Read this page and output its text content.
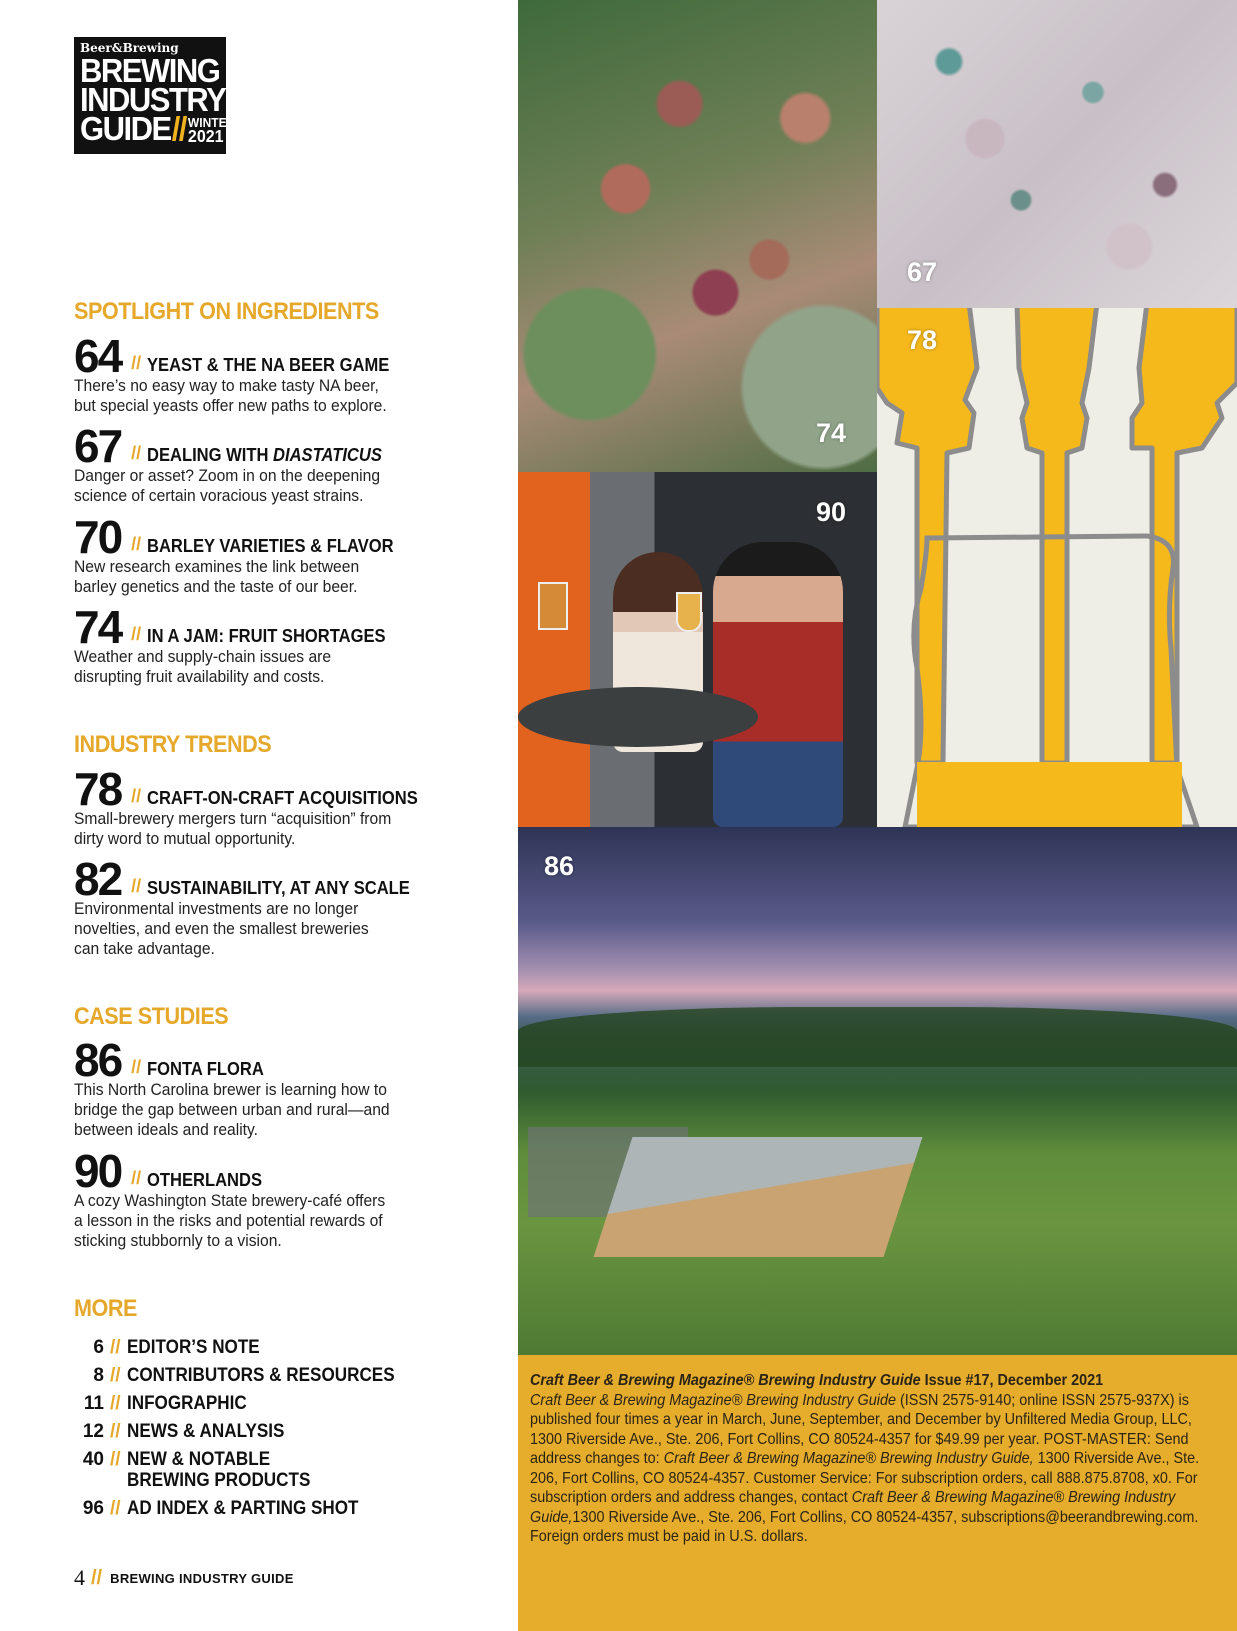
Beer&Brewing
BREWING
INDUSTRY
GUIDE // WINTER
2021
SPOTLIGHT ON INGREDIENTS
64 // YEAST & THE NA BEER GAME
There’s no easy way to make tasty NA beer, but special yeasts offer new paths to explore.
67 // DEALING WITH DIASTATICUS
Danger or asset? Zoom in on the deepening science of certain voracious yeast strains.
70 // BARLEY VARIETIES & FLAVOR
New research examines the link between barley genetics and the taste of our beer.
74 // IN A JAM: FRUIT SHORTAGES
Weather and supply-chain issues are disrupting fruit availability and costs.
INDUSTRY TRENDS
78 // CRAFT-ON-CRAFT ACQUISITIONS
Small-brewery mergers turn “acquisition” from dirty word to mutual opportunity.
82 // SUSTAINABILITY, AT ANY SCALE
Environmental investments are no longer novelties, and even the smallest breweries can take advantage.
CASE STUDIES
86 // FONTA FLORA
This North Carolina brewer is learning how to bridge the gap between urban and rural—and between ideals and reality.
90 // OTHERLANDS
A cozy Washington State brewery-café offers a lesson in the risks and potential rewards of sticking stubbornly to a vision.
MORE
6 // EDITOR’S NOTE
8 // CONTRIBUTORS & RESOURCES
11 // INFOGRAPHIC
12 // NEWS & ANALYSIS
40 // NEW & NOTABLE
BREWING PRODUCTS
96 // AD INDEX & PARTING SHOT
4 // BREWING INDUSTRY GUIDE
74
67
78
90
86

Craft Beer & Brewing Magazine® Brewing Industry Guide Issue #17, December 2021
Craft Beer & Brewing Magazine® Brewing Industry Guide (ISSN 2575-9140; online ISSN 2575-937X) is published four times a year in March, June, September, and December by Unfiltered Media Group, LLC, 1300 Riverside Ave., Ste. 206, Fort Collins, CO 80524-4357 for $49.99 per year. POST-MASTER: Send address changes to: Craft Beer & Brewing Magazine® Brewing Industry Guide, 1300 Riverside Ave., Ste. 206, Fort Collins, CO 80524-4357. Customer Service: For subscription orders, call 888.875.8708, x0. For subscription orders and address changes, contact Craft Beer & Brewing Magazine® Brewing Industry Guide,1300 Riverside Ave., Ste. 206, Fort Collins, CO 80524-4357, subscriptions@beerandbrewing.com. Foreign orders must be paid in U.S. dollars.
